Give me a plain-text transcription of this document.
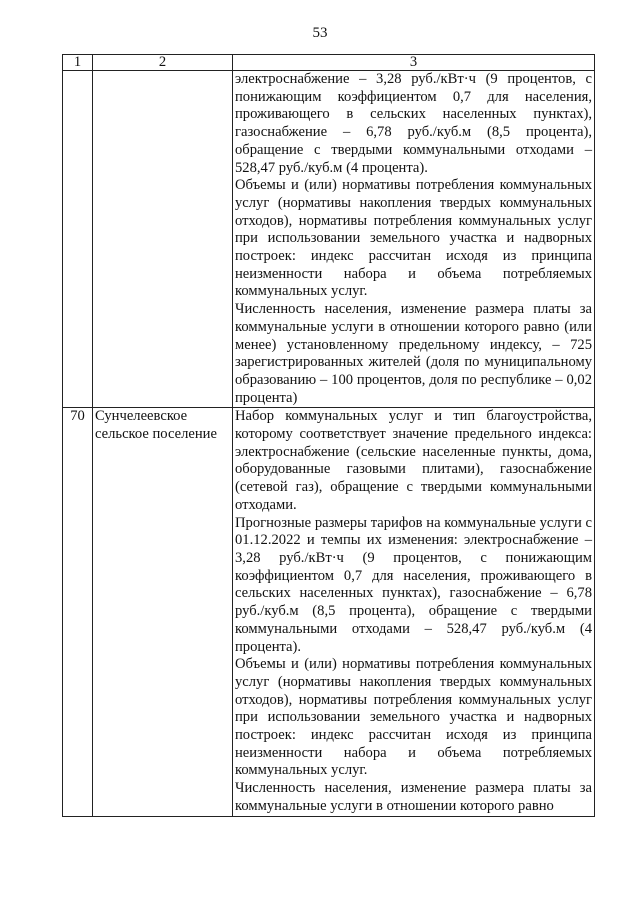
53
1	2	3

		электроснабжение – 3,28 руб./кВт·ч (9 процентов, с понижающим коэффициентом 0,7 для населения, проживающего в сельских населенных пунктах), газоснабжение – 6,78 руб./куб.м (8,5 процента), обращение с твердыми коммунальными отходами – 528,47 руб./куб.м (4 процента).

Объемы и (или) нормативы потребления коммунальных услуг (нормативы накопления твердых коммунальных отходов), нормативы потребления коммунальных услуг при использовании земельного участка и надворных построек: индекс рассчитан исходя из принципа неизменности набора и объема потребляемых коммунальных услуг.

Численность населения, изменение размера платы за коммунальные услуги в отношении которого равно (или менее) установленному предельному индексу, – 725 зарегистрированных жителей (доля по муниципальному образованию – 100 процентов, доля по республике – 0,02 процента)

70	Сунчелеевское сельское поселение	Набор коммунальных услуг и тип благоустройства, которому соответствует значение предельного индекса: электроснабжение (сельские населенные пункты, дома, оборудованные газовыми плитами), газоснабжение (сетевой газ), обращение с твердыми коммунальными отходами.

Прогнозные размеры тарифов на коммунальные услуги с 01.12.2022 и темпы их изменения: электроснабжение – 3,28 руб./кВт·ч (9 процентов, с понижающим коэффициентом 0,7 для населения, проживающего в сельских населенных пунктах), газоснабжение – 6,78 руб./куб.м (8,5 процента), обращение с твердыми коммунальными отходами – 528,47 руб./куб.м (4 процента).

Объемы и (или) нормативы потребления коммунальных услуг (нормативы накопления твердых коммунальных отходов), нормативы потребления коммунальных услуг при использовании земельного участка и надворных построек: индекс рассчитан исходя из принципа неизменности набора и объема потребляемых коммунальных услуг.

Численность населения, изменение размера платы за коммунальные услуги в отношении которого равно
